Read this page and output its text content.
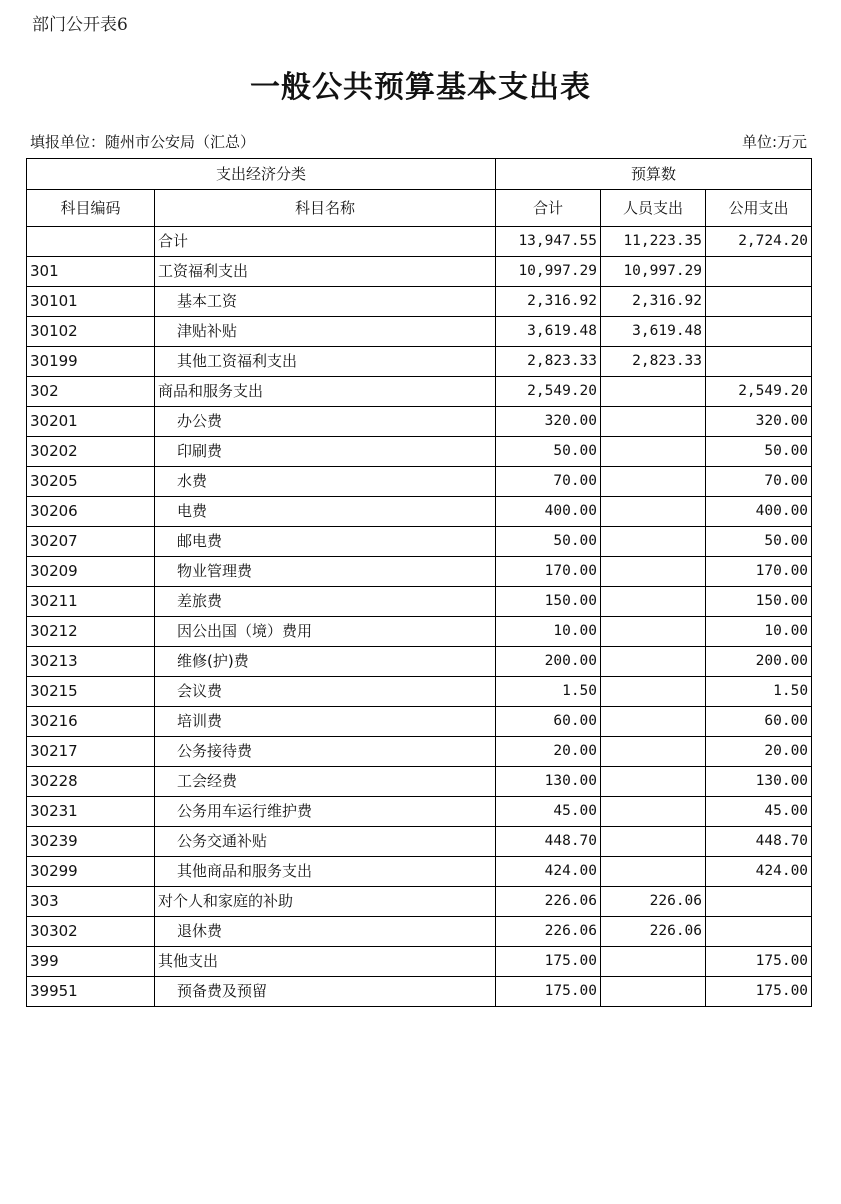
部门公开表6
一般公共预算基本支出表
填报单位：随州市公安局（汇总）	单位:万元
支出经济分类		预算数		
科目编码	科目名称	合计	人员支出	公用支出
	合计	13,947.55	11,223.35	2,724.20
301	工资福利支出	10,997.29	10,997.29	
30101	基本工资	2,316.92	2,316.92	
30102	津贴补贴	3,619.48	3,619.48	
30199	其他工资福利支出	2,823.33	2,823.33	
302	商品和服务支出	2,549.20		2,549.20
30201	办公费	320.00		320.00
30202	印刷费	50.00		50.00
30205	水费	70.00		70.00
30206	电费	400.00		400.00
30207	邮电费	50.00		50.00
30209	物业管理费	170.00		170.00
30211	差旅费	150.00		150.00
30212	因公出国（境）费用	10.00		10.00
30213	维修(护)费	200.00		200.00
30215	会议费	1.50		1.50
30216	培训费	60.00		60.00
30217	公务接待费	20.00		20.00
30228	工会经费	130.00		130.00
30231	公务用车运行维护费	45.00		45.00
30239	公务交通补贴	448.70		448.70
30299	其他商品和服务支出	424.00		424.00
303	对个人和家庭的补助	226.06	226.06	
30302	退休费	226.06	226.06	
399	其他支出	175.00		175.00
39951	预备费及预留	175.00		175.00
